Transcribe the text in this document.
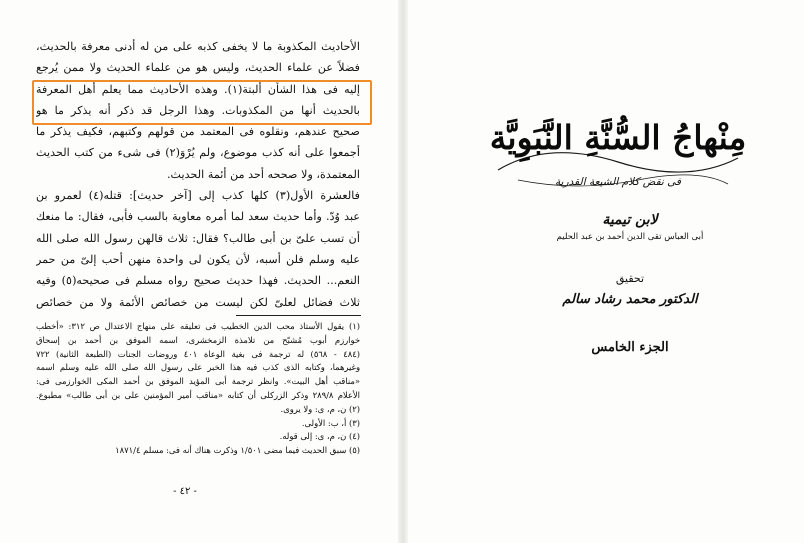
الأحاديث المكذوبة ما لا يخفى كذبه على من له أدنى معرفة بالحديث،
فضلاً عن علماء الحديث، وليس هو من علماء الحديث ولا ممن يُرجع
إليه فى هذا الشأن ألبتة(١). وهذه الأحاديث مما يعلم أهل المعرفة
بالحديث أنها من المكذوبات. وهذا الرجل قد ذكر أنه يذكر ما هو
صحيح عندهم، ونقلوه فى المعتمد من قولهم وكتبهم، فكيف يذكر ما
أجمعوا على أنه كذب موضوع، ولم يُرْوَ(٢) فى شىء من كتب الحديث
المعتمدة، ولا صححه أحد من أئمة الحديث.
فالعشرة الأول(٣) كلها كذب إلى [آخر حديث]: قتله(٤) لعمرو بن
عبد وُدّ. وأما حديث سعد لما أمره معاوية بالسب فأبى، فقال: ما منعك
أن تسب علىّ بن أبى طالب؟ فقال: ثلاث قالهن رسول الله صلى الله
عليه وسلم فلن أسبه، لأن يكون لى واحدة منهن أحب إلىّ من حمر
النعم... الحديث. فهذا حديث صحيح رواه مسلم فى صحيحه(٥) وفيه
ثلاث فضائل لعلىّ لكن ليست من خصائص الأئمة ولا من خصائص
(١) يقول الأستاذ محب الدين الخطيب فى تعليقه على منهاج الاعتدال ص ٣١٢: «أخطب
خوارزم أبوب مُشبّح من تلامذة الزمخشرى، اسمه الموفق بن أحمد بن إسحاق
(٤٨٤ - ٥٦٨) له ترجمة فى بغية الوعاة ٤٠١ وروضات الجنات (الطبعة الثانية) ٧٢٢
وغيرهما، وكتابه الذى كذب فيه هذا الخبر على رسول الله صلى الله عليه وسلم اسمه
«مناقب أهل البيت». وانظر ترجمة أبى المؤيد الموفق بن أحمد المكى الخوارزمى فى:
الأعلام ٢٨٩/٨ وذكر الزركلى أن كتابه «مناقب أمير المؤمنين على بن أبى طالب» مطبوع.
(٢) ن، م، ى: ولا يروى.
(٣) أ، ب: الأولى.
(٤) ن، م، ى: إلى قوله.
(٥) سبق الحديث فيما مضى ١/٥٠١ وذكرت هناك أنه فى: مسلم ١٨٧١/٤
- ٤٢ -
مِنْهاجُ السُّنَّةِ النَّبَوِيَّة
فى نقض كلام الشيعة القدرية
لابن تيمية
أبى العباس تقى الدين أحمد بن عبد الحليم
تحقيق
الدكتور محمد رشاد سالم
الجزء الخامس
